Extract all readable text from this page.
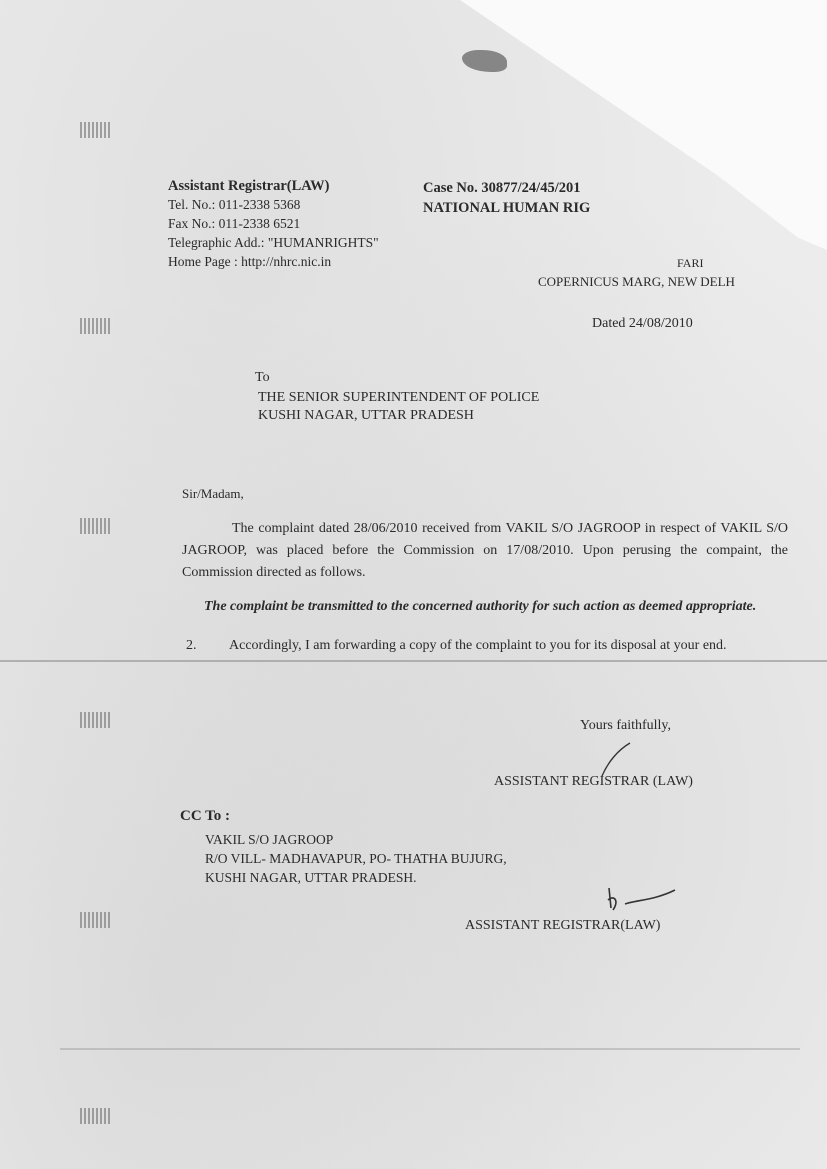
Assistant Registrar(LAW)
Tel. No.: 011-2338 5368
Fax No.: 011-2338 6521
Telegraphic Add.: "HUMANRIGHTS"
Home Page : http://nhrc.nic.in
Case No. 30877/24/45/201
NATIONAL HUMAN RIG
FARI
COPERNICUS MARG, NEW DELH
Dated 24/08/2010
To
THE SENIOR SUPERINTENDENT OF POLICE
KUSHI NAGAR, UTTAR PRADESH
Sir/Madam,
The complaint dated 28/06/2010 received from VAKIL S/O JAGROOP in respect of VAKIL S/O JAGROOP, was placed before the Commission on 17/08/2010. Upon perusing the compaint, the Commission directed as follows.
The complaint be transmitted to the concerned authority for such action as deemed appropriate.
2. Accordingly, I am forwarding a copy of the complaint to you for its disposal at your end.
Yours faithfully,
ASSISTANT REGISTRAR (LAW)
CC To :
VAKIL S/O JAGROOP
R/O VILL- MADHAVAPUR, PO- THATHA BUJURG,
KUSHI NAGAR, UTTAR PRADESH.
ASSISTANT REGISTRAR(LAW)
